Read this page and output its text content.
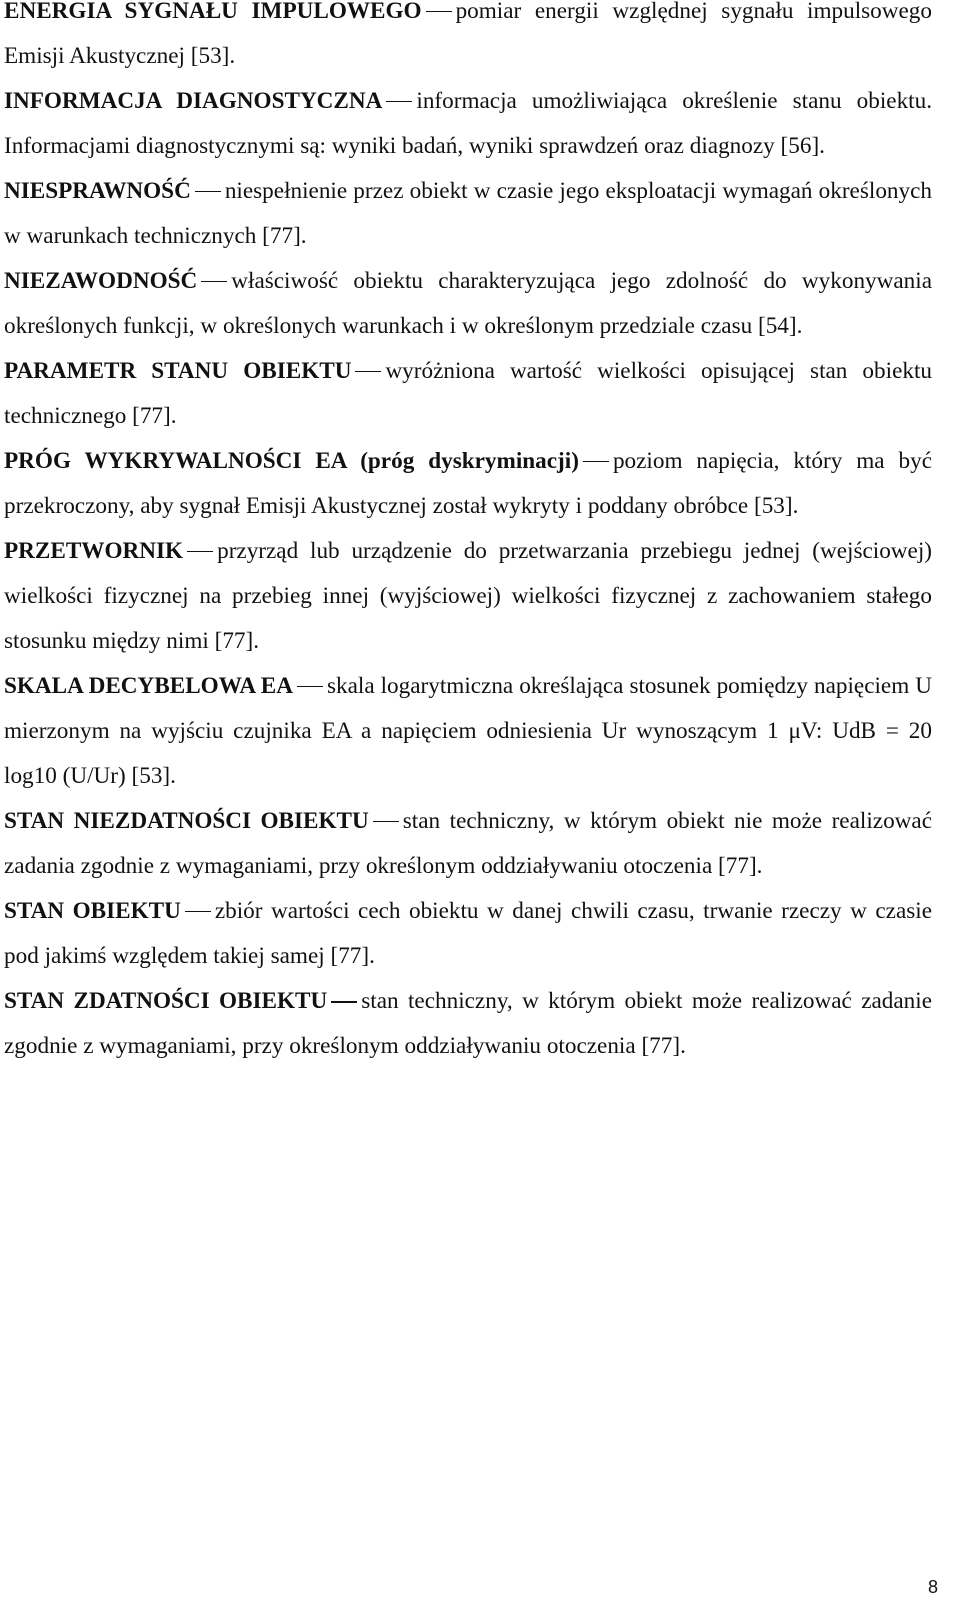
ENERGIA SYGNAŁU IMPULOWEGO pomiar energii względnej sygnału impulsowego Emisji Akustycznej [53].

INFORMACJA DIAGNOSTYCZNA informacja umożliwiająca określenie stanu obiektu. Informacjami diagnostycznymi są: wyniki badań, wyniki sprawdzeń oraz diagnozy [56].

NIESPRAWNOŚĆ niespełnienie przez obiekt w czasie jego eksploatacji wymagań określonych w warunkach technicznych [77].

NIEZAWODNOŚĆ właściwość obiektu charakteryzująca jego zdolność do wykonywania określonych funkcji, w określonych warunkach i w określonym przedziale czasu [54].

PARAMETR STANU OBIEKTU wyróżniona wartość wielkości opisującej stan obiektu technicznego [77].

PRÓG WYKRYWALNOŚCI EA (próg dyskryminacji) poziom napięcia, który ma być przekroczony, aby sygnał Emisji Akustycznej został wykryty i poddany obróbce [53].

PRZETWORNIK przyrząd lub urządzenie do przetwarzania przebiegu jednej (wejściowej) wielkości fizycznej na przebieg innej (wyjściowej) wielkości fizycznej z zachowaniem stałego stosunku między nimi [77].

SKALA DECYBELOWA EA skala logarytmiczna określająca stosunek pomiędzy napięciem U mierzonym na wyjściu czujnika EA a napięciem odniesienia Ur wynoszącym 1 μV: UdB = 20 log10 (U/Ur) [53].

STAN NIEZDATNOŚCI OBIEKTU stan techniczny, w którym obiekt nie może realizować zadania zgodnie z wymaganiami, przy określonym oddziaływaniu otoczenia [77].

STAN OBIEKTU zbiór wartości cech obiektu w danej chwili czasu, trwanie rzeczy w czasie pod jakimś względem takiej samej [77].

STAN ZDATNOŚCI OBIEKTU stan techniczny, w którym obiekt może realizować zadanie zgodnie z wymaganiami, przy określonym oddziaływaniu otoczenia [77].

8
